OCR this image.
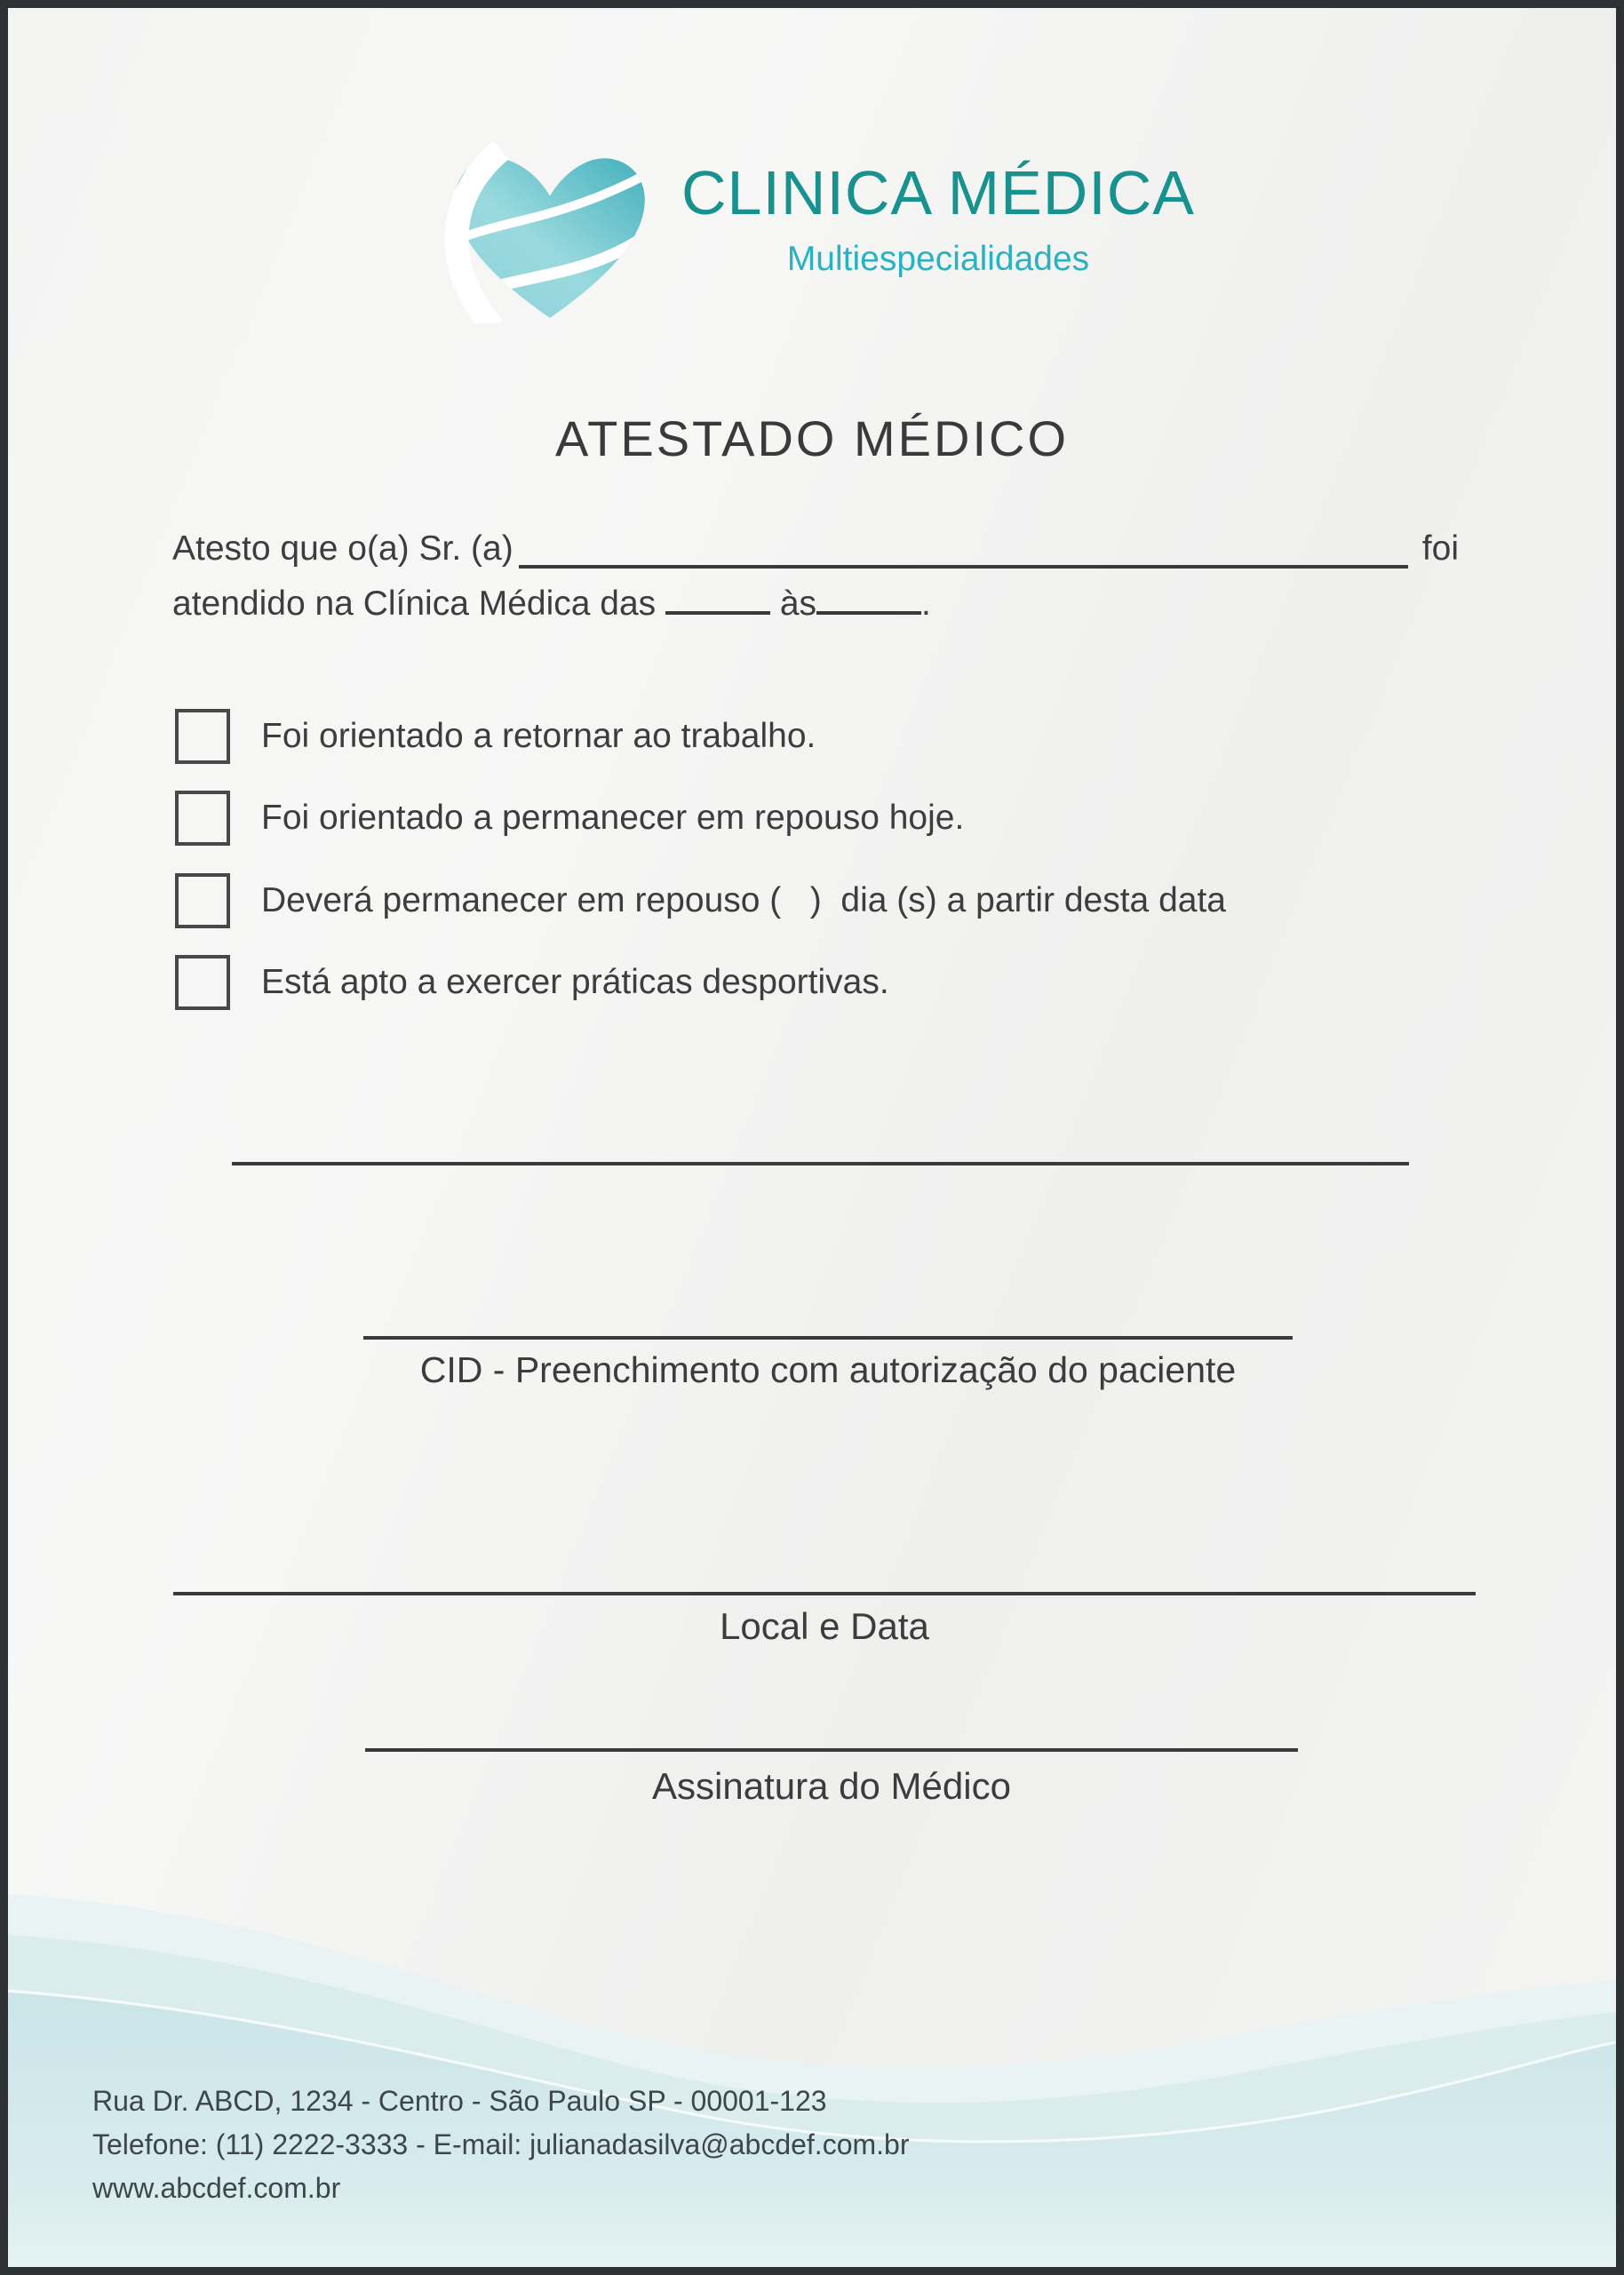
CLINICA MÉDICA
Multiespecialidades
ATESTADO MÉDICO
Atesto que o(a) Sr. (a)	foi
atendido na Clínica Médica das	às	.
Foi orientado a retornar ao trabalho.
Foi orientado a permanecer em repouso hoje.
Deverá permanecer em repouso (   )  dia (s) a partir desta data
Está apto a exercer práticas desportivas.
CID - Preenchimento com autorização do paciente
Local e Data
Assinatura do Médico
Rua Dr. ABCD, 1234 - Centro - São Paulo SP - 00001-123
Telefone: (11) 2222-3333 - E-mail: julianadasilva@abcdef.com.br
www.abcdef.com.br
